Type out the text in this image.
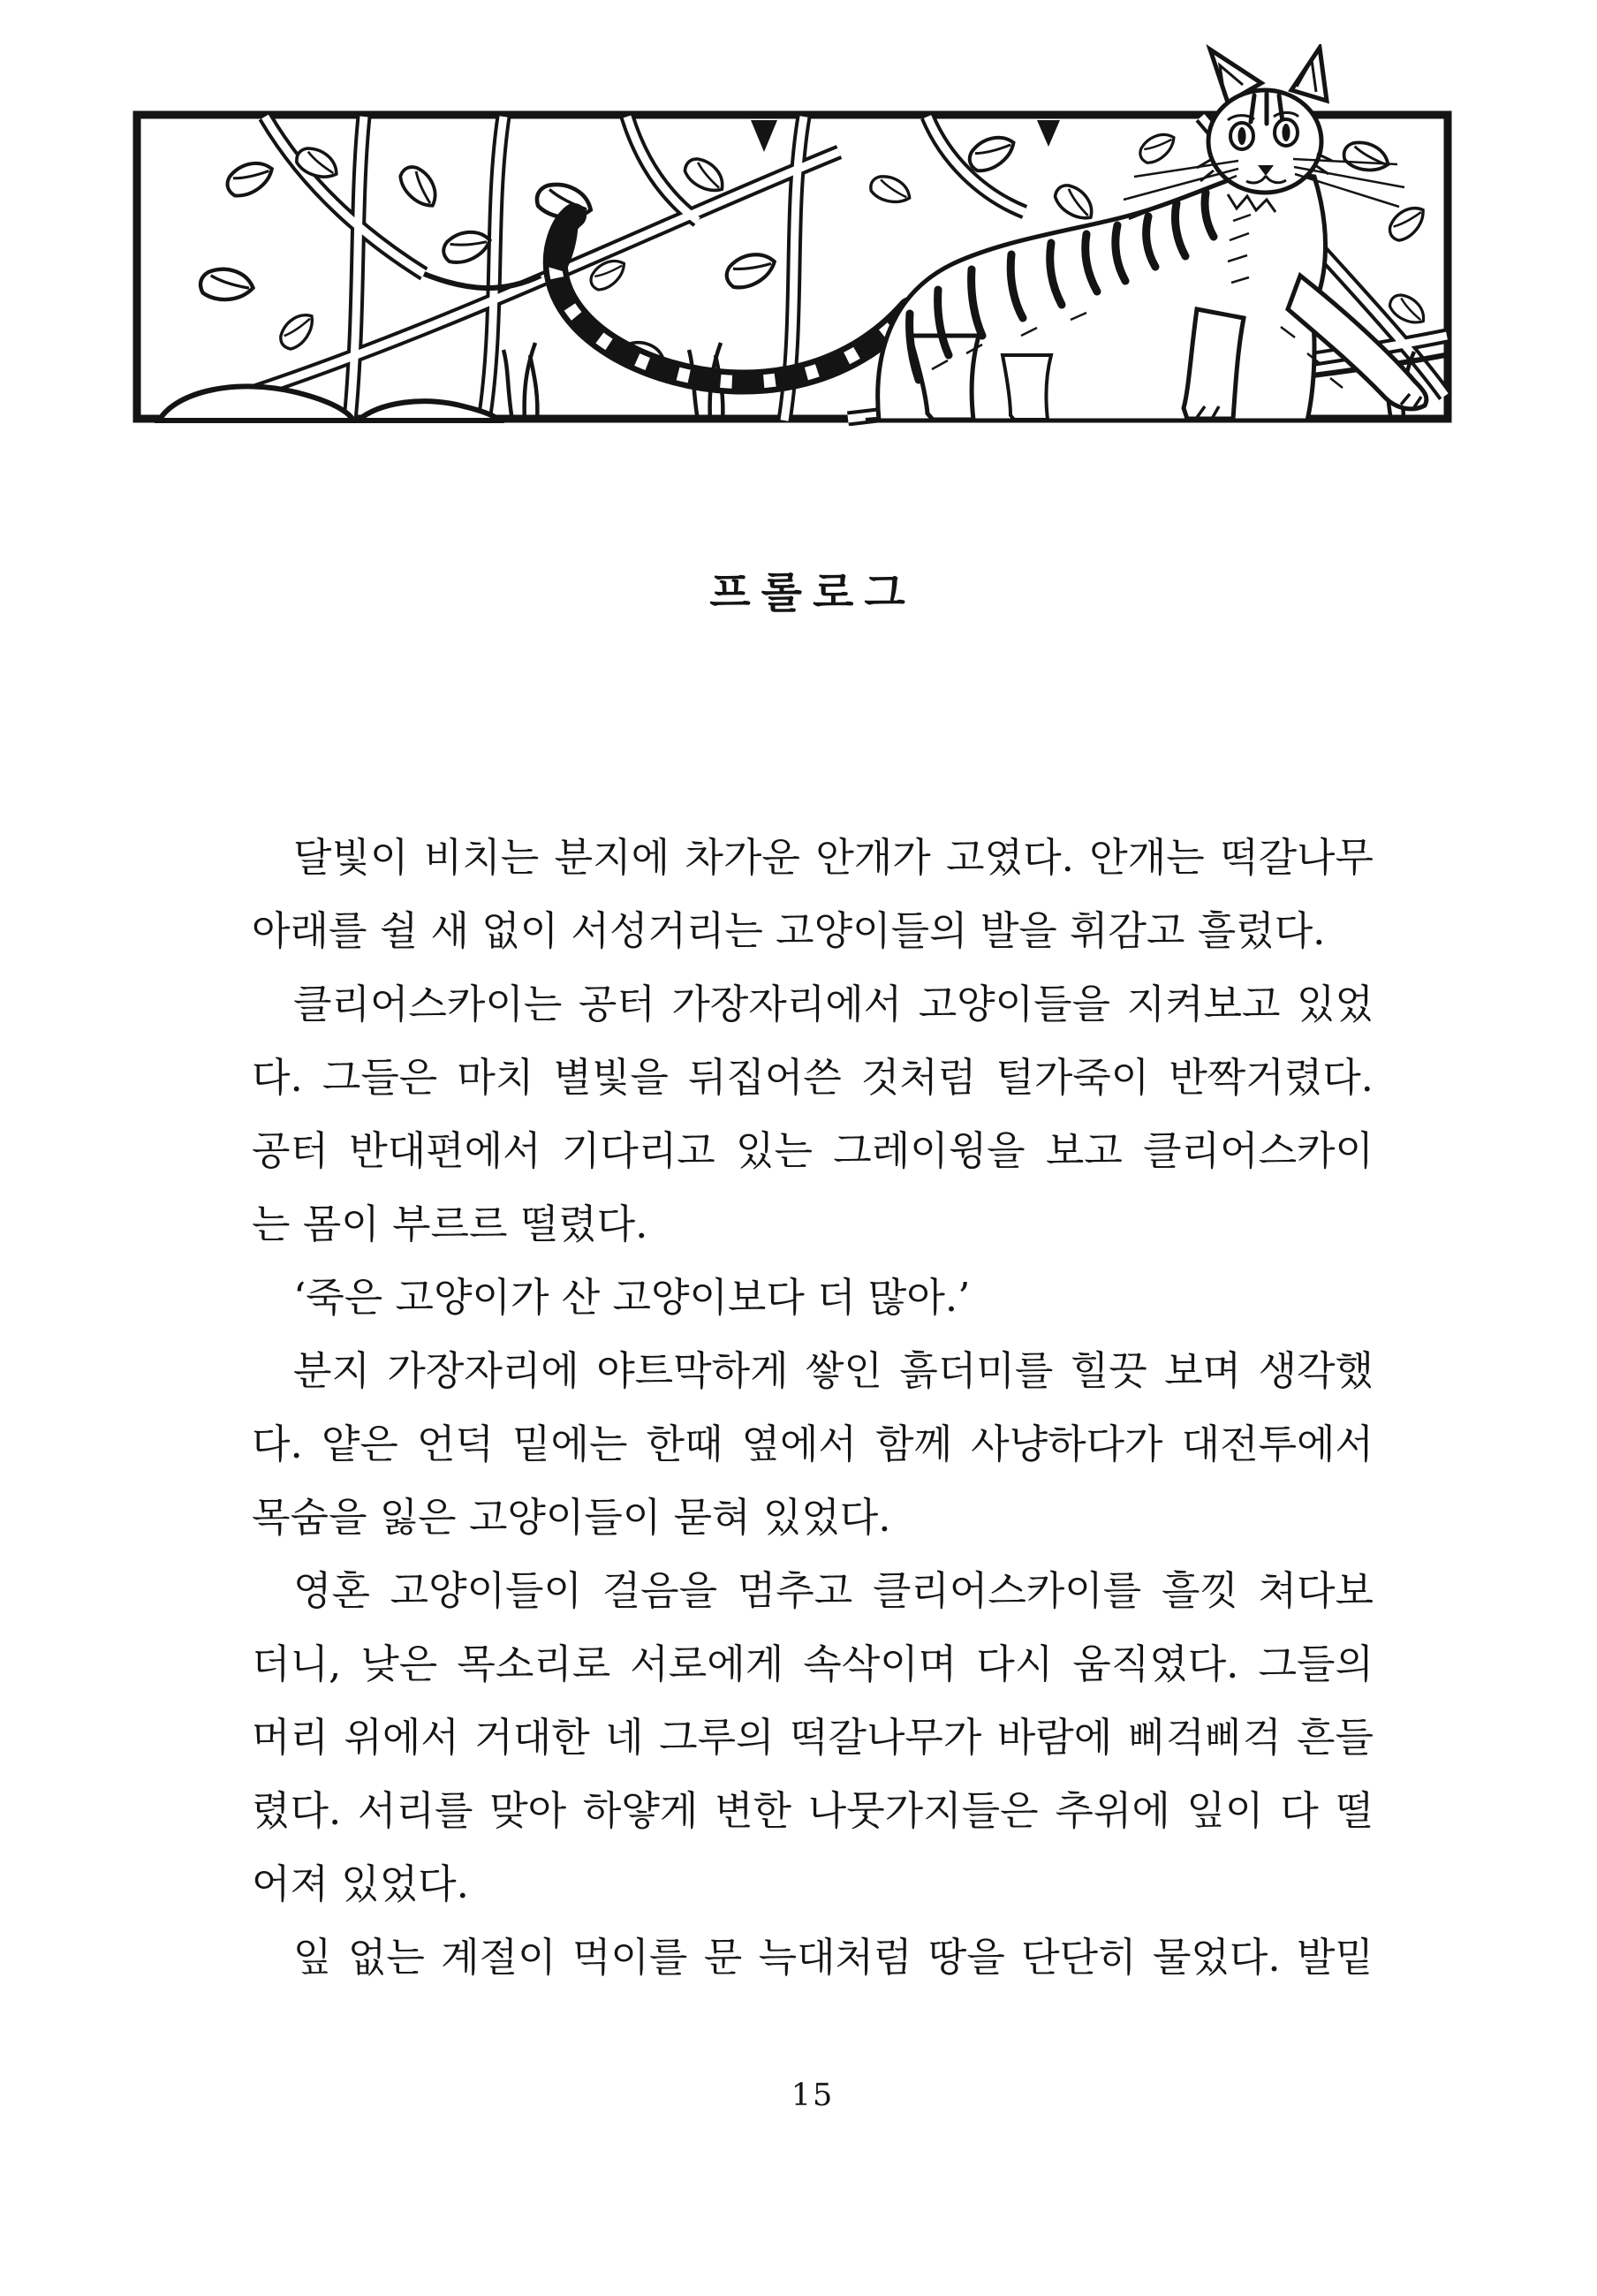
프롤로그

달빛이 비치는 분지에 차가운 안개가 고였다. 안개는 떡갈나무

아래를 쉴 새 없이 서성거리는 고양이들의 발을 휘감고 흘렀다.

클리어스카이는 공터 가장자리에서 고양이들을 지켜보고 있었

다. 그들은 마치 별빛을 뒤집어쓴 것처럼 털가죽이 반짝거렸다.

공터 반대편에서 기다리고 있는 그레이윙을 보고 클리어스카이

는 몸이 부르르 떨렸다.

‘죽은 고양이가 산 고양이보다 더 많아.’

분지 가장자리에 야트막하게 쌓인 흙더미를 힐끗 보며 생각했

다. 얕은 언덕 밑에는 한때 옆에서 함께 사냥하다가 대전투에서

목숨을 잃은 고양이들이 묻혀 있었다.

영혼 고양이들이 걸음을 멈추고 클리어스카이를 흘낏 쳐다보

더니, 낮은 목소리로 서로에게 속삭이며 다시 움직였다. 그들의

머리 위에서 거대한 네 그루의 떡갈나무가 바람에 삐걱삐걱 흔들

렸다. 서리를 맞아 하얗게 변한 나뭇가지들은 추위에 잎이 다 떨

어져 있었다.

잎 없는 계절이 먹이를 문 늑대처럼 땅을 단단히 물었다. 발밑

15
